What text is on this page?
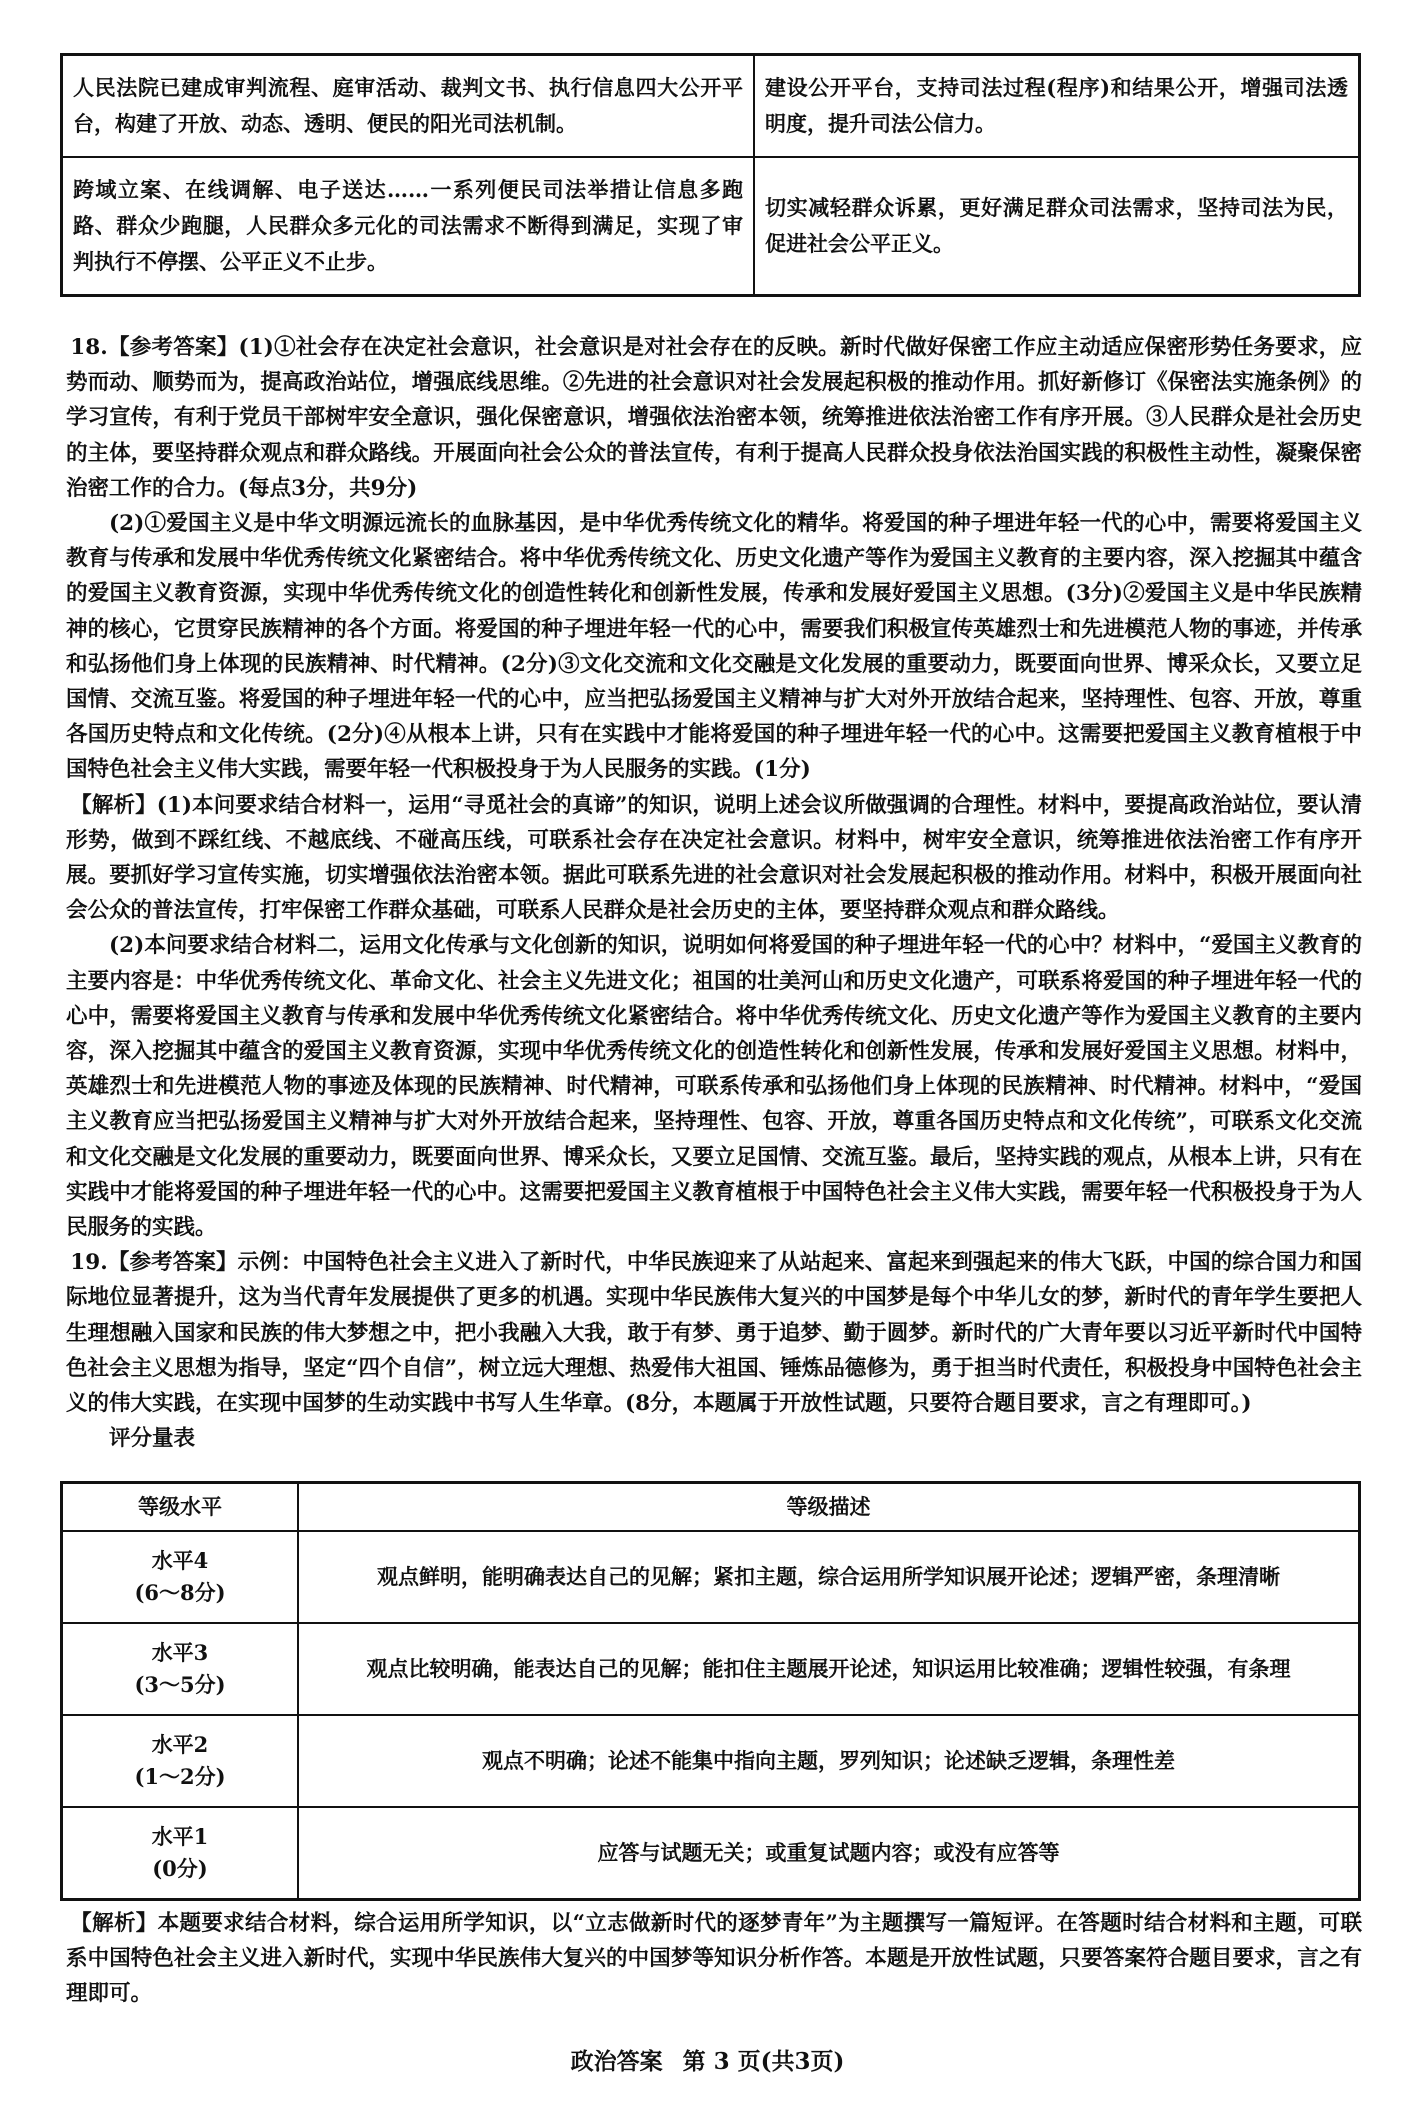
人民法院已建成审判流程、庭审活动、裁判文书、执行信息四大公开平台，构建了开放、动态、透明、便民的阳光司法机制。	建设公开平台，支持司法过程(程序)和结果公开，增强司法透明度，提升司法公信力。
跨域立案、在线调解、电子送达……一系列便民司法举措让信息多跑路、群众少跑腿，人民群众多元化的司法需求不断得到满足，实现了审判执行不停摆、公平正义不止步。	切实减轻群众诉累，更好满足群众司法需求，坚持司法为民，促进社会公平正义。

18.【参考答案】(1)①社会存在决定社会意识，社会意识是对社会存在的反映。新时代做好保密工作应主动适应保密形势任务要求，应势而动、顺势而为，提高政治站位，增强底线思维。②先进的社会意识对社会发展起积极的推动作用。抓好新修订《保密法实施条例》的学习宣传，有利于党员干部树牢安全意识，强化保密意识，增强依法治密本领，统筹推进依法治密工作有序开展。③人民群众是社会历史的主体，要坚持群众观点和群众路线。开展面向社会公众的普法宣传，有利于提高人民群众投身依法治国实践的积极性主动性，凝聚保密治密工作的合力。(每点3分，共9分)

(2)①爱国主义是中华文明源远流长的血脉基因，是中华优秀传统文化的精华。将爱国的种子埋进年轻一代的心中，需要将爱国主义教育与传承和发展中华优秀传统文化紧密结合。将中华优秀传统文化、历史文化遗产等作为爱国主义教育的主要内容，深入挖掘其中蕴含的爱国主义教育资源，实现中华优秀传统文化的创造性转化和创新性发展，传承和发展好爱国主义思想。(3分)②爱国主义是中华民族精神的核心，它贯穿民族精神的各个方面。将爱国的种子埋进年轻一代的心中，需要我们积极宣传英雄烈士和先进模范人物的事迹，并传承和弘扬他们身上体现的民族精神、时代精神。(2分)③文化交流和文化交融是文化发展的重要动力，既要面向世界、博采众长，又要立足国情、交流互鉴。将爱国的种子埋进年轻一代的心中，应当把弘扬爱国主义精神与扩大对外开放结合起来，坚持理性、包容、开放，尊重各国历史特点和文化传统。(2分)④从根本上讲，只有在实践中才能将爱国的种子埋进年轻一代的心中。这需要把爱国主义教育植根于中国特色社会主义伟大实践，需要年轻一代积极投身于为人民服务的实践。(1分)

【解析】(1)本问要求结合材料一，运用“寻觅社会的真谛”的知识，说明上述会议所做强调的合理性。材料中，要提高政治站位，要认清形势，做到不踩红线、不越底线、不碰高压线，可联系社会存在决定社会意识。材料中，树牢安全意识，统筹推进依法治密工作有序开展。要抓好学习宣传实施，切实增强依法治密本领。据此可联系先进的社会意识对社会发展起积极的推动作用。材料中，积极开展面向社会公众的普法宣传，打牢保密工作群众基础，可联系人民群众是社会历史的主体，要坚持群众观点和群众路线。

(2)本问要求结合材料二，运用文化传承与文化创新的知识，说明如何将爱国的种子埋进年轻一代的心中？材料中，“爱国主义教育的主要内容是：中华优秀传统文化、革命文化、社会主义先进文化；祖国的壮美河山和历史文化遗产，可联系将爱国的种子埋进年轻一代的心中，需要将爱国主义教育与传承和发展中华优秀传统文化紧密结合。将中华优秀传统文化、历史文化遗产等作为爱国主义教育的主要内容，深入挖掘其中蕴含的爱国主义教育资源，实现中华优秀传统文化的创造性转化和创新性发展，传承和发展好爱国主义思想。材料中，英雄烈士和先进模范人物的事迹及体现的民族精神、时代精神，可联系传承和弘扬他们身上体现的民族精神、时代精神。材料中，“爱国主义教育应当把弘扬爱国主义精神与扩大对外开放结合起来，坚持理性、包容、开放，尊重各国历史特点和文化传统”，可联系文化交流和文化交融是文化发展的重要动力，既要面向世界、博采众长，又要立足国情、交流互鉴。最后，坚持实践的观点，从根本上讲，只有在实践中才能将爱国的种子埋进年轻一代的心中。这需要把爱国主义教育植根于中国特色社会主义伟大实践，需要年轻一代积极投身于为人民服务的实践。

19.【参考答案】示例：中国特色社会主义进入了新时代，中华民族迎来了从站起来、富起来到强起来的伟大飞跃，中国的综合国力和国际地位显著提升，这为当代青年发展提供了更多的机遇。实现中华民族伟大复兴的中国梦是每个中华儿女的梦，新时代的青年学生要把人生理想融入国家和民族的伟大梦想之中，把小我融入大我，敢于有梦、勇于追梦、勤于圆梦。新时代的广大青年要以习近平新时代中国特色社会主义思想为指导，坚定“四个自信”，树立远大理想、热爱伟大祖国、锤炼品德修为，勇于担当时代责任，积极投身中国特色社会主义的伟大实践，在实现中国梦的生动实践中书写人生华章。(8分，本题属于开放性试题，只要符合题目要求，言之有理即可。)

评分量表

等级水平	等级描述

水平4
(6～8分)	观点鲜明，能明确表达自己的见解；紧扣主题，综合运用所学知识展开论述；逻辑严密，条理清晰

水平3
(3～5分)	观点比较明确，能表达自己的见解；能扣住主题展开论述，知识运用比较准确；逻辑性较强，有条理

水平2
(1～2分)	观点不明确；论述不能集中指向主题，罗列知识；论述缺乏逻辑，条理性差

水平1
(0分)	应答与试题无关；或重复试题内容；或没有应答等

【解析】本题要求结合材料，综合运用所学知识，以“立志做新时代的逐梦青年”为主题撰写一篇短评。在答题时结合材料和主题，可联系中国特色社会主义进入新时代，实现中华民族伟大复兴的中国梦等知识分析作答。本题是开放性试题，只要答案符合题目要求，言之有理即可。

政治答案 第 3 页(共3页)
